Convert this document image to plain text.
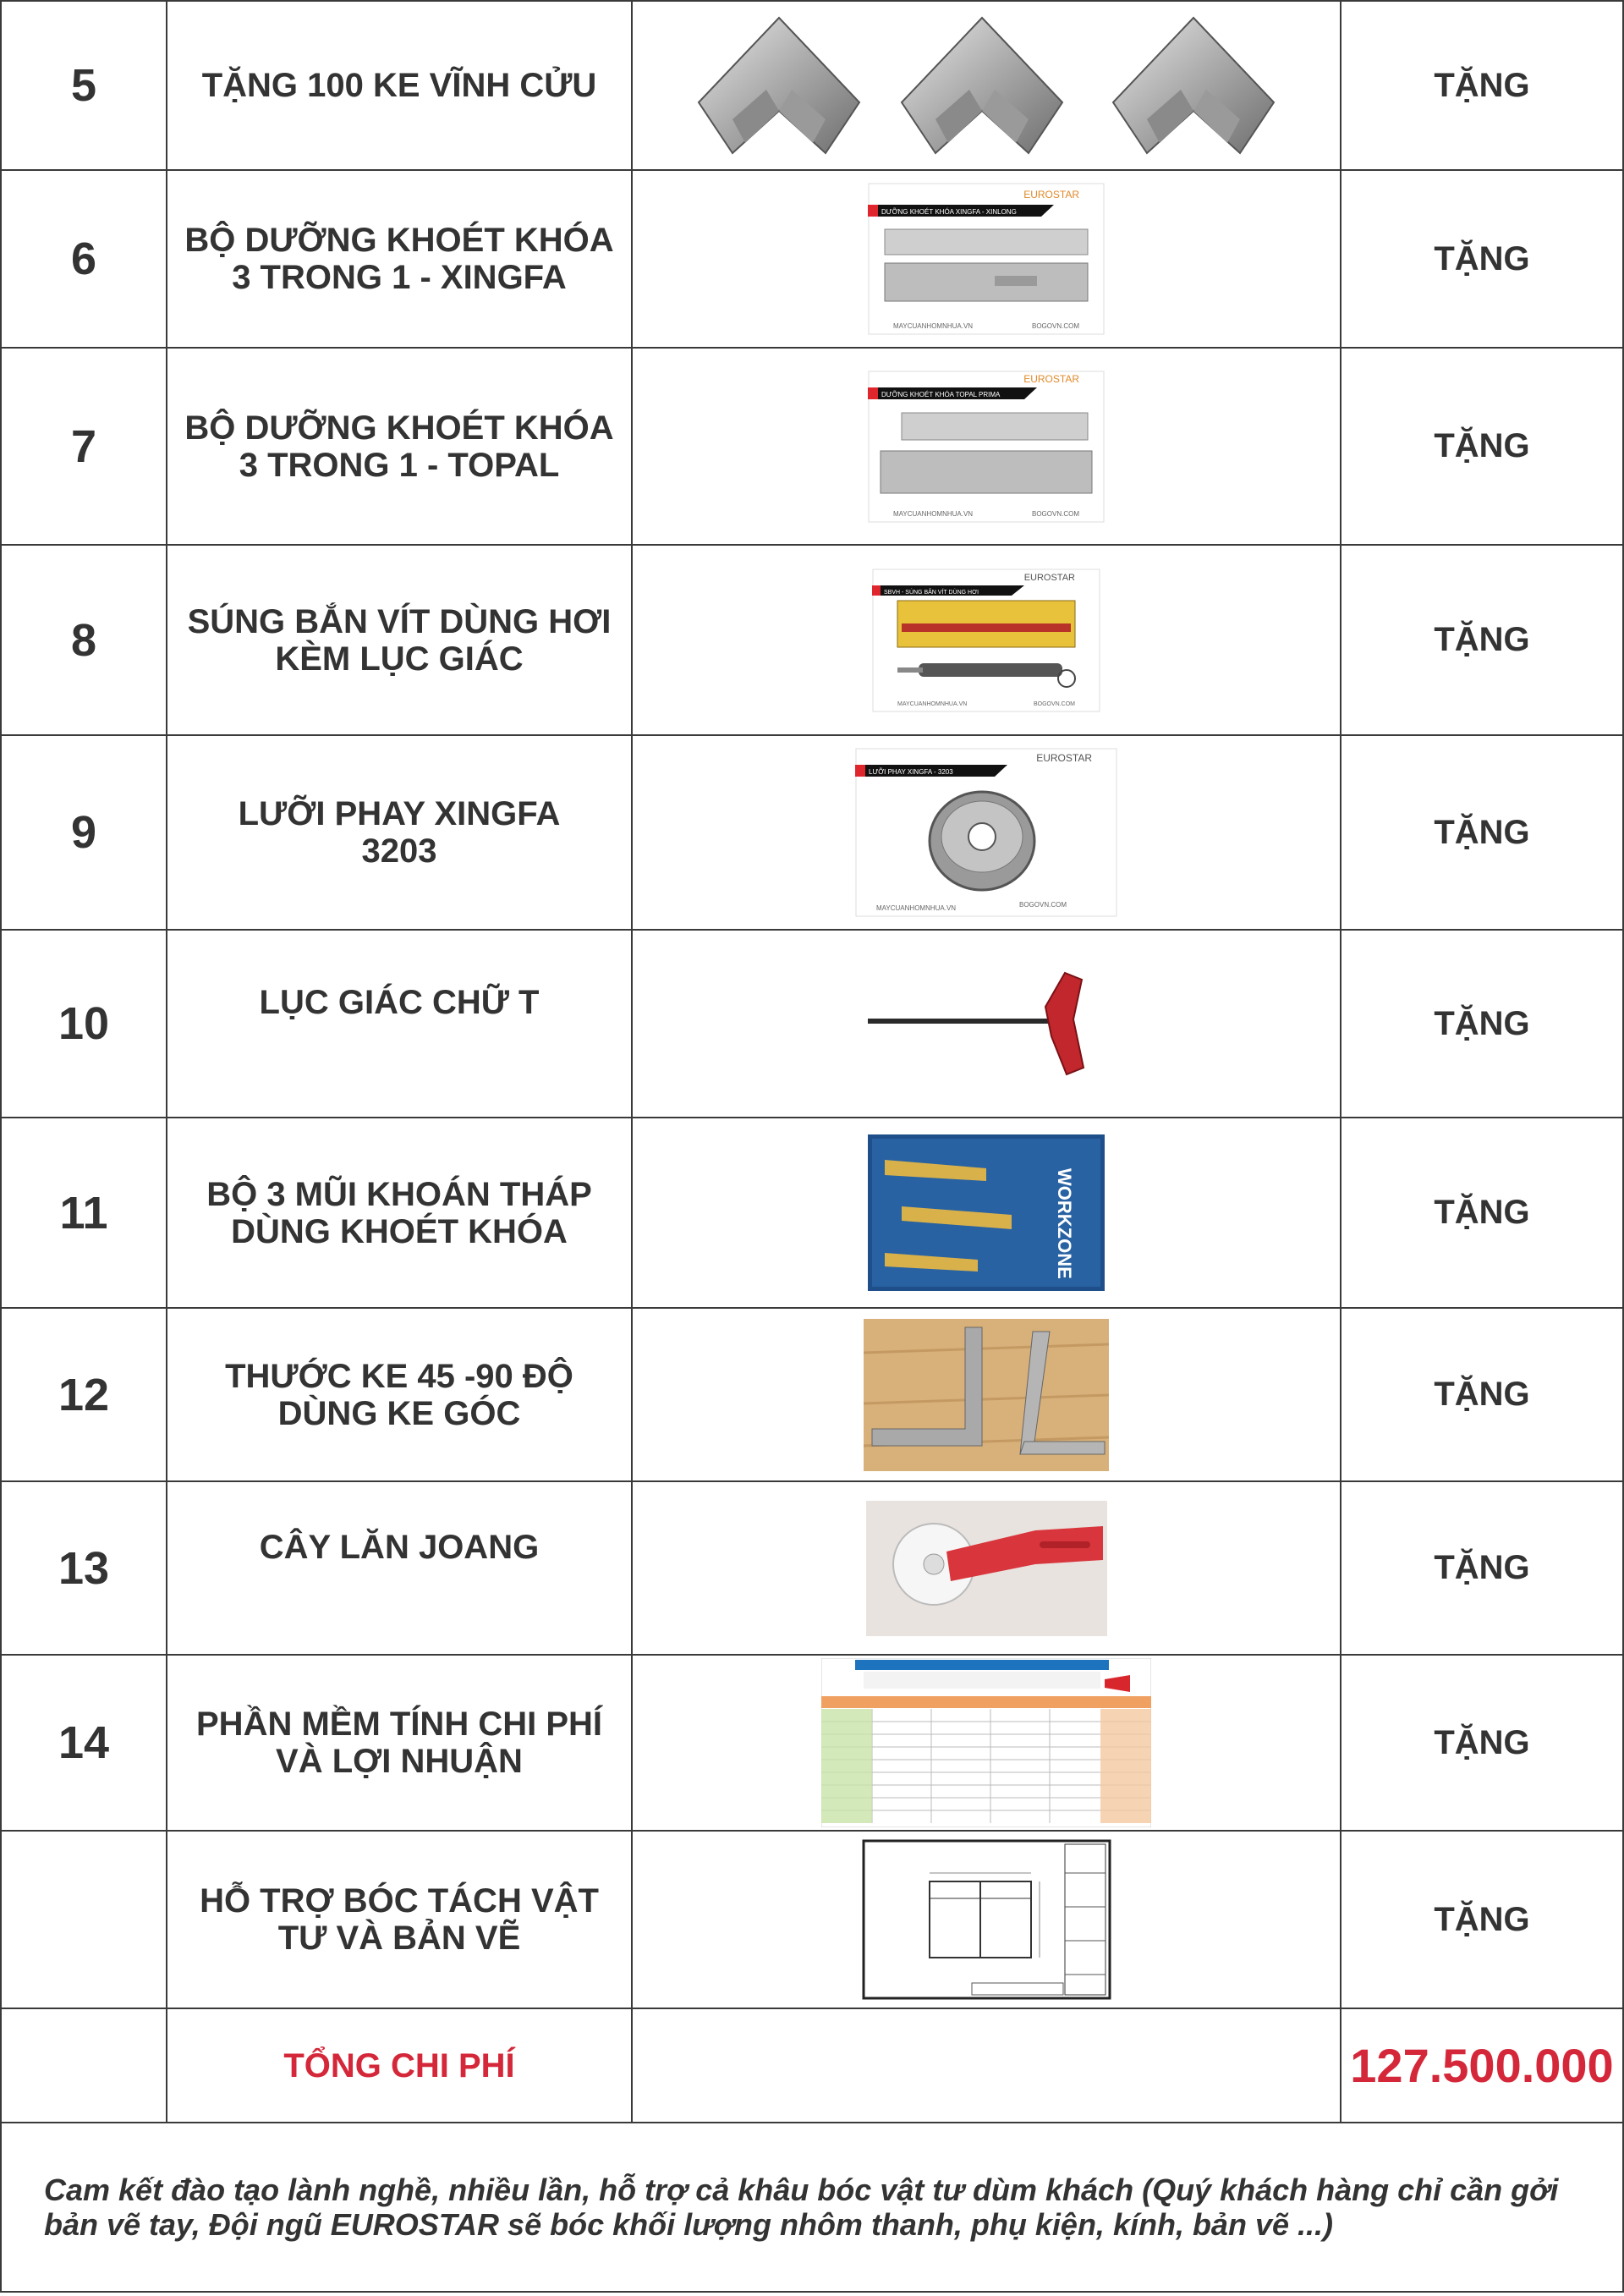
5	TẶNG 100 KE VĨNH CỬU		TẶNG
6	BỘ DƯỠNG KHOÉT KHÓA
3 TRONG 1 - XINGFA	EUROSTAR
DƯỠNG KHOÉT KHÓA XINGFA - XINLONG
MAYCUANHOMNHUA.VN BOGOVN.COM	TẶNG
7	BỘ DƯỠNG KHOÉT KHÓA
3 TRONG 1 - TOPAL	EUROSTAR
DƯỠNG KHOÉT KHÓA TOPAL PRIMA
MAYCUANHOMNHUA.VN BOGOVN.COM	TẶNG
8	SÚNG BẮN VÍT DÙNG HƠI
KÈM LỤC GIÁC	EUROSTAR
SBVH - SÚNG BẮN VÍT DÙNG HƠI
MAYCUANHOMNHUA.VN BOGOVN.COM	TẶNG
9	LƯỠI PHAY XINGFA
3203	EUROSTAR
LƯỠI PHAY XINGFA - 3203
MAYCUANHOMNHUA.VN BOGOVN.COM	TẶNG
10	LỤC GIÁC CHỮ T		TẶNG
11	BỘ 3 MŨI KHOÁN THÁP
DÙNG KHOÉT KHÓA	WORKZONE	TẶNG
12	THƯỚC KE 45 -90 ĐỘ
DÙNG KE GÓC		TẶNG
13	CÂY LĂN JOANG		TẶNG
14	PHẦN MỀM TÍNH CHI PHÍ
VÀ LỢI NHUẬN		TẶNG

	HỖ TRỢ BÓC TÁCH VẬT
TƯ VÀ BẢN VẼ		TẶNG

	TỔNG CHI PHÍ		127.500.000

Cam kết đào tạo lành nghề, nhiều lần, hỗ trợ cả khâu bóc vật tư dùm khách (Quý khách hàng chỉ cần gởi bản vẽ tay, Đội ngũ EUROSTAR sẽ bóc khối lượng nhôm thanh, phụ kiện, kính, bản vẽ ...)
